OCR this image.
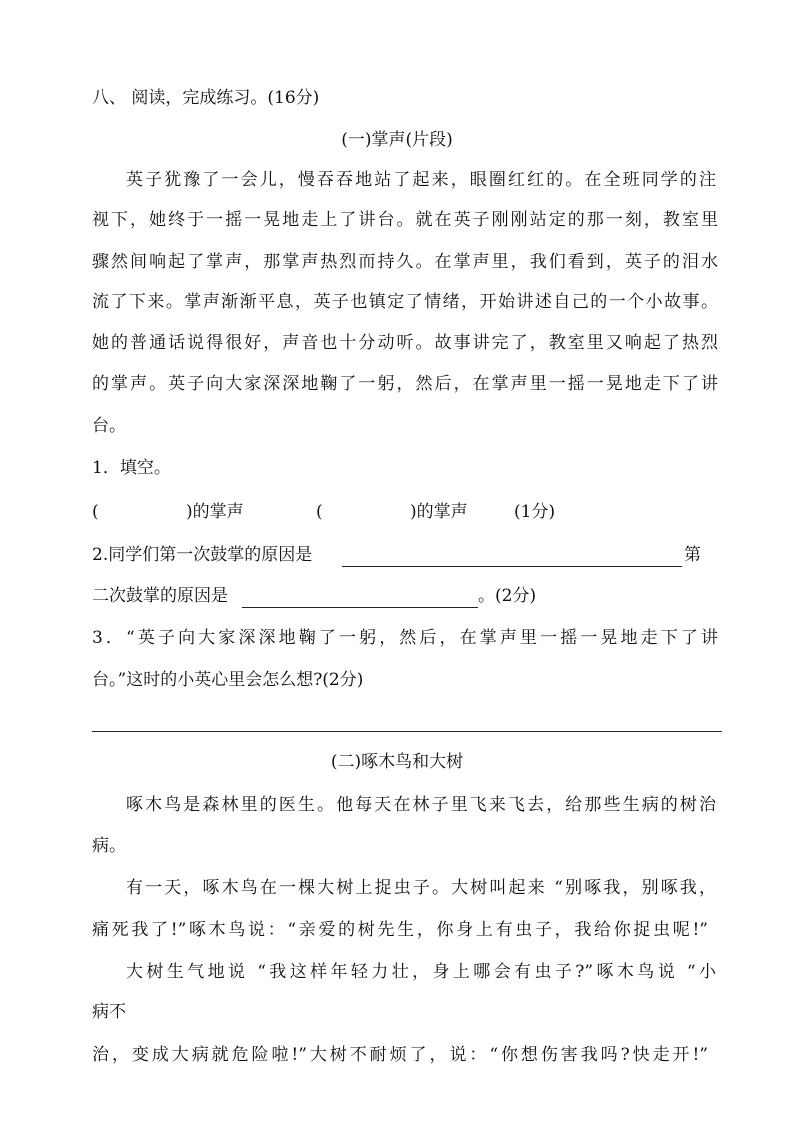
八、 阅读，完成练习。(16分)
(一)掌声(片段)
英子犹豫了一会儿，慢吞吞地站了起来，眼圈红红的。在全班同学的注
视下，她终于一摇一晃地走上了讲台。就在英子刚刚站定的那一刻，教室里
骤然间响起了掌声，那掌声热烈而持久。在掌声里，我们看到，英子的泪水
流了下来。掌声渐渐平息，英子也镇定了情绪，开始讲述自己的一个小故事。
她的普通话说得很好，声音也十分动听。故事讲完了，教室里又响起了热烈
的掌声。英子向大家深深地鞠了一躬，然后，在掌声里一摇一晃地走下了讲
台。
1．填空。
(	)的掌声	(	)的掌声	(1分)
2.同学们第一次鼓掌的原因是	第
二次鼓掌的原因是	。(2分)
3．“英子向大家深深地鞠了一躬，然后，在掌声里一摇一晃地走下了讲
台。”这时的小英心里会怎么想?(2分)
(二)啄木鸟和大树
啄木鸟是森林里的医生。他每天在林子里飞来飞去，给那些生病的树治
病。
有一天，啄木鸟在一棵大树上捉虫子。大树叫起来 “别啄我，别啄我，
痛死我了!”啄木鸟说：“亲爱的树先生，你身上有虫子，我给你捉虫呢!”
大树生气地说 “我这样年轻力壮，身上哪会有虫子?”啄木鸟说 “小
病不
治，变成大病就危险啦!”大树不耐烦了，说：“你想伤害我吗?快走开!”
